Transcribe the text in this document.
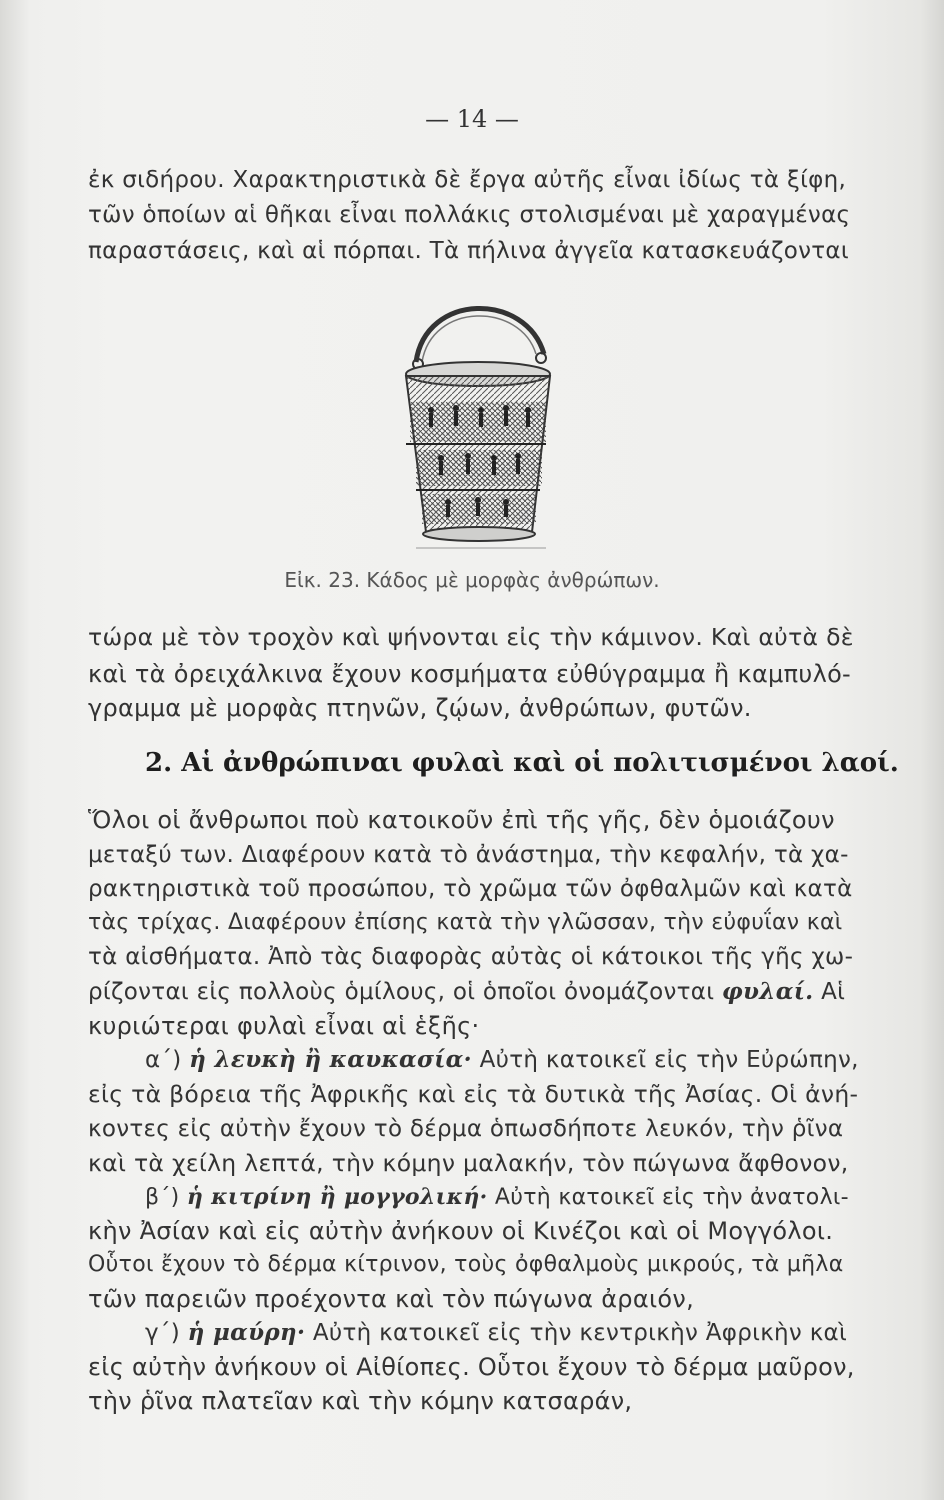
— 14 —
ἐκ σιδήρου. Χαρακτηριστικὰ δὲ ἔργα αὐτῆς εἶναι ἰδίως τὰ ξίφη,
τῶν ὁποίων αἱ θῆκαι εἶναι πολλάκις στολισμέναι μὲ χαραγμένας
παραστάσεις, καὶ αἱ πόρπαι. Τὰ πήλινα ἀγγεῖα κατασκευάζονται
Εἰκ. 23. Κάδος μὲ μορφὰς ἀνθρώπων.
τώρα μὲ τὸν τροχὸν καὶ ψήνονται εἰς τὴν κάμινον. Καὶ αὐτὰ δὲ
καὶ τὰ ὀρειχάλκινα ἔχουν κοσμήματα εὐθύγραμμα ἢ καμπυλό-
γραμμα μὲ μορφὰς πτηνῶν, ζῴων, ἀνθρώπων, φυτῶν.
2. Αἱ ἀνθρώπιναι φυλαὶ καὶ οἱ πολιτισμένοι λαοί.
Ὅλοι οἱ ἄνθρωποι ποὺ κατοικοῦν ἐπὶ τῆς γῆς, δὲν ὁμοιάζουν
μεταξύ των. Διαφέρουν κατὰ τὸ ἀνάστημα, τὴν κεφαλήν, τὰ χα-
ρακτηριστικὰ τοῦ προσώπου, τὸ χρῶμα τῶν ὀφθαλμῶν καὶ κατὰ
τὰς τρίχας. Διαφέρουν ἐπίσης κατὰ τὴν γλῶσσαν, τὴν εὐφυΐαν καὶ
τὰ αἰσθήματα. Ἀπὸ τὰς διαφορὰς αὐτὰς οἱ κάτοικοι τῆς γῆς χω-
ρίζονται εἰς πολλοὺς ὁμίλους, οἱ ὁποῖοι ὀνομάζονται φυλαί. Αἱ
κυριώτεραι φυλαὶ εἶναι αἱ ἑξῆς·
α΄) ἡ λευκὴ ἢ καυκασία· Αὐτὴ κατοικεῖ εἰς τὴν Εὐρώπην,
εἰς τὰ βόρεια τῆς Ἀφρικῆς καὶ εἰς τὰ δυτικὰ τῆς Ἀσίας. Οἱ ἀνή-
κοντες εἰς αὐτὴν ἔχουν τὸ δέρμα ὁπωσδήποτε λευκόν, τὴν ῥῖνα
καὶ τὰ χείλη λεπτά, τὴν κόμην μαλακήν, τὸν πώγωνα ἄφθονον,
β΄) ἡ κιτρίνη ἢ μογγολική· Αὐτὴ κατοικεῖ εἰς τὴν ἀνατολι-
κὴν Ἀσίαν καὶ εἰς αὐτὴν ἀνήκουν οἱ Κινέζοι καὶ οἱ Μογγόλοι.
Οὗτοι ἔχουν τὸ δέρμα κίτρινον, τοὺς ὀφθαλμοὺς μικρούς, τὰ μῆλα
τῶν παρειῶν προέχοντα καὶ τὸν πώγωνα ἀραιόν,
γ΄) ἡ μαύρη· Αὐτὴ κατοικεῖ εἰς τὴν κεντρικὴν Ἀφρικὴν καὶ
εἰς αὐτὴν ἀνήκουν οἱ Αἰθίοπες. Οὗτοι ἔχουν τὸ δέρμα μαῦρον,
τὴν ῥῖνα πλατεῖαν καὶ τὴν κόμην κατσαράν,
